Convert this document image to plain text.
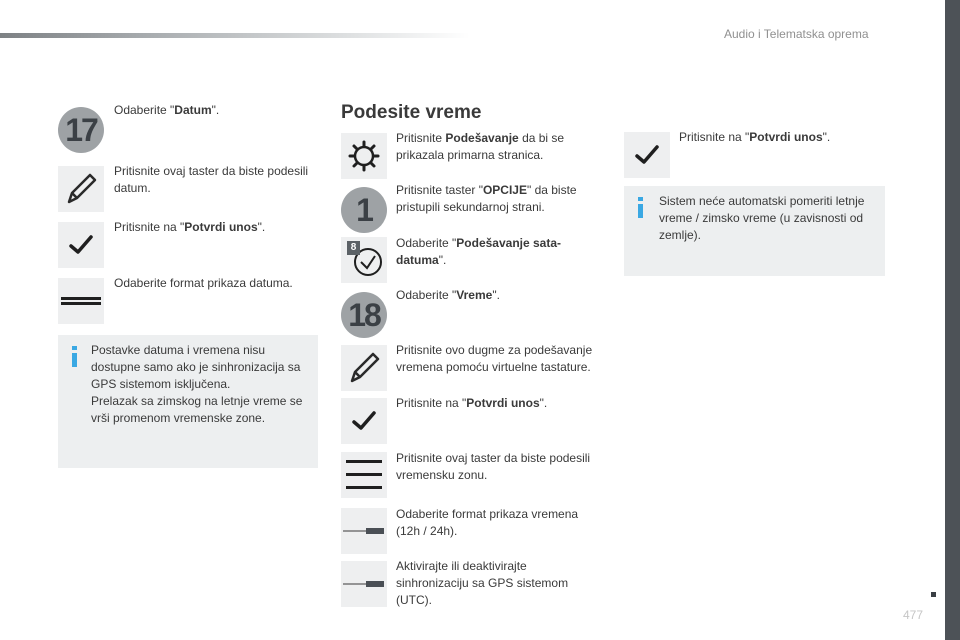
Audio i Telematska oprema
17
Odaberite "Datum".
Pritisnite ovaj taster da biste podesili datum.
Pritisnite na "Potvrdi unos".
Odaberite format prikaza datuma.
Postavke datuma i vremena nisu
dostupne samo ako je sinhronizacija sa
GPS sistemom isključena.
Prelazak sa zimskog na letnje vreme se
vrši promenom vremenske zone.
Podesite vreme
Pritisnite Podešavanje da bi se prikazala primarna stranica.
1
Pritisnite taster "OPCIJE" da biste pristupili sekundarnoj strani.
8	Odaberite "Podešavanje sata-datuma".
18
Odaberite "Vreme".
Pritisnite ovo dugme za podešavanje vremena pomoću virtuelne tastature.
Pritisnite na "Potvrdi unos".
Pritisnite ovaj taster da biste podesili vremensku zonu.
Odaberite format prikaza vremena (12h / 24h).
Aktivirajte ili deaktivirajte sinhronizaciju sa GPS sistemom (UTC).
Pritisnite na "Potvrdi unos".
Sistem neće automatski pomeriti letnje
vreme / zimsko vreme (u zavisnosti od
zemlje).
477
